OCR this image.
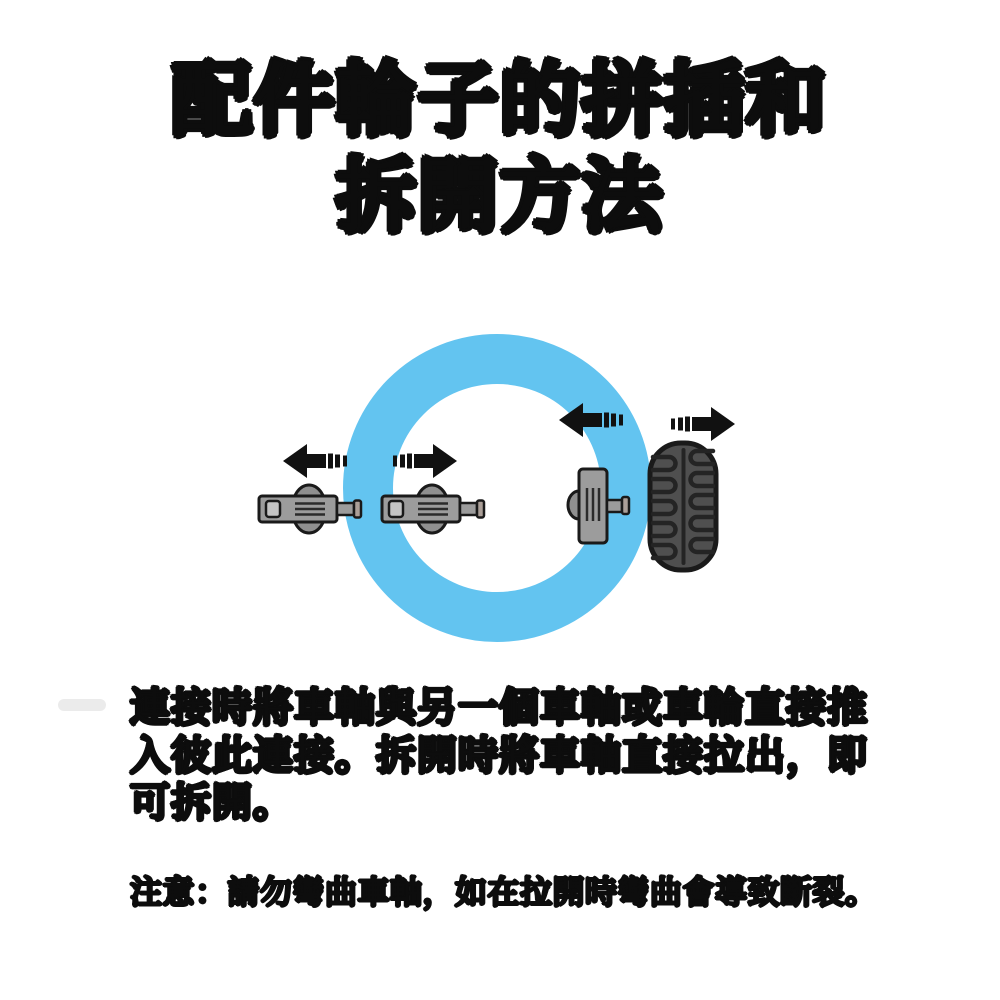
配件輪子的拼插和
拆開方法
連接時將車軸與另一個車軸或車輪直接推
入彼此連接。拆開時將車軸直接拉出，即
可拆開。
注意：請勿彎曲車軸，如在拉開時彎曲會導致斷裂。
